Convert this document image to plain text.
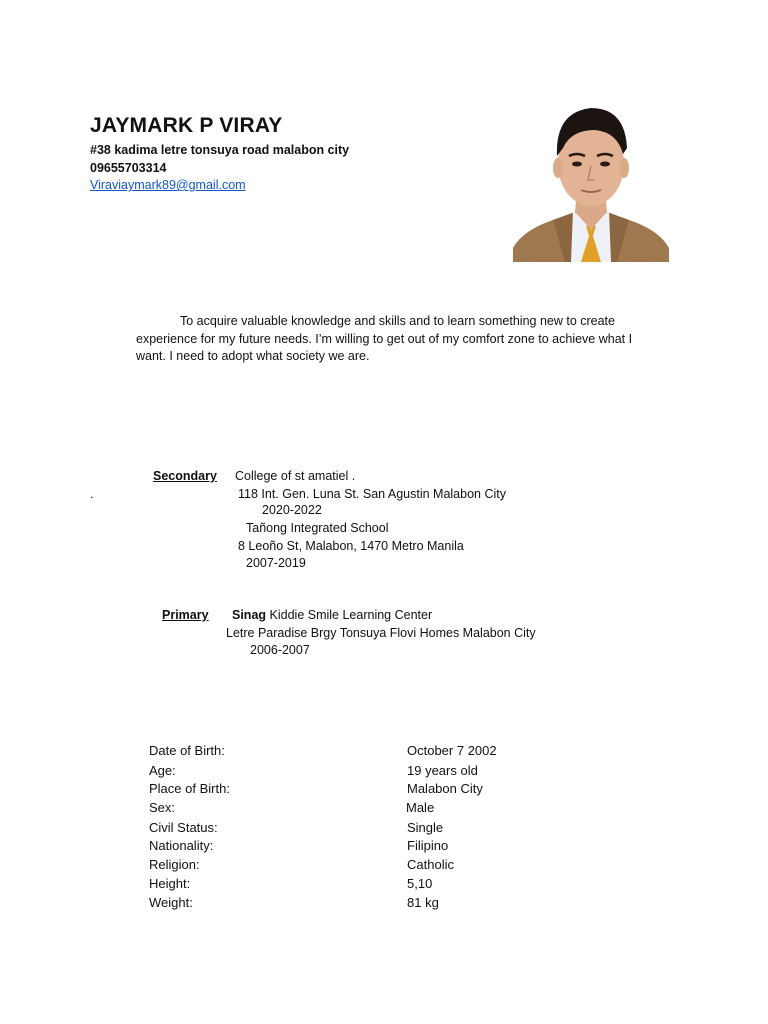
JAYMARK P VIRAY
#38 kadima letre tonsuya road malabon city
09655703314
Viraviaymark89@gmail.com
To acquire valuable knowledge and skills and to learn something new to create experience for my future needs. I’m willing to get out of my comfort zone to achieve what I want. I need to adopt what society we are.
Secondary College of st amatiel .
.	118 Int. Gen. Luna St. San Agustin Malabon City
2020-2022
Tañong Integrated School
8 Leoño St, Malabon, 1470 Metro Manila
2007-2019
Primary Sinag Kiddie Smile Learning Center
Letre Paradise Brgy Tonsuya Flovi Homes Malabon City
2006-2007
Date of Birth:	October 7 2002
Age:	19 years old
Place of Birth:	Malabon City
Sex:	Male
Civil Status:	Single
Nationality:	Filipino
Religion:	Catholic
Height:	5,10
Weight:	81 kg
